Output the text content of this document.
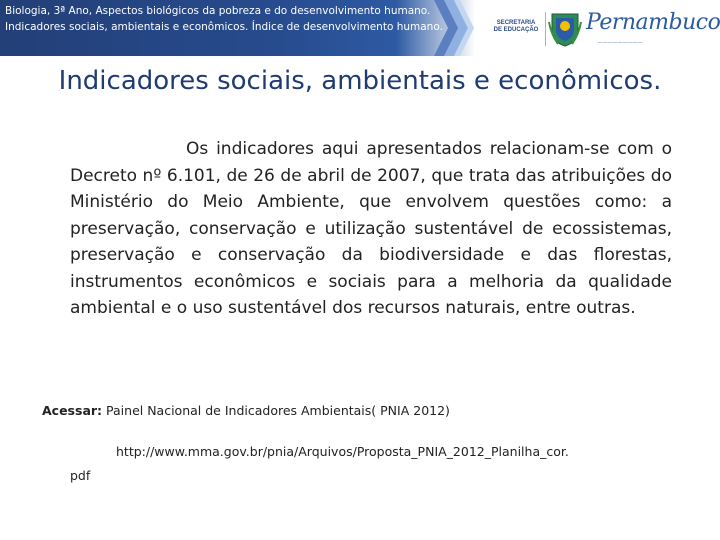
Biologia, 3ª Ano, Aspectos biológicos da pobreza e do desenvolvimento humano. Indicadores sociais, ambientais e econômicos. Índice de desenvolvimento humano.	SECRETARIA
DE EDUCAÇÃO Pernambuco
—————————
Indicadores sociais, ambientais e econômicos.
Os indicadores aqui apresentados relacionam-se com o Decreto nº 6.101, de 26 de abril de 2007, que trata das atribuições do Ministério do Meio Ambiente, que envolvem questões como: a preservação, conservação e utilização sustentável de ecossistemas, preservação e conservação da biodiversidade e das florestas, instrumentos econômicos e sociais para a melhoria da qualidade ambiental e o uso sustentável dos recursos naturais, entre outras.
Acessar: Painel Nacional de Indicadores Ambientais( PNIA 2012)
http://www.mma.gov.br/pnia/Arquivos/Proposta_PNIA_2012_Planilha_cor.
pdf
